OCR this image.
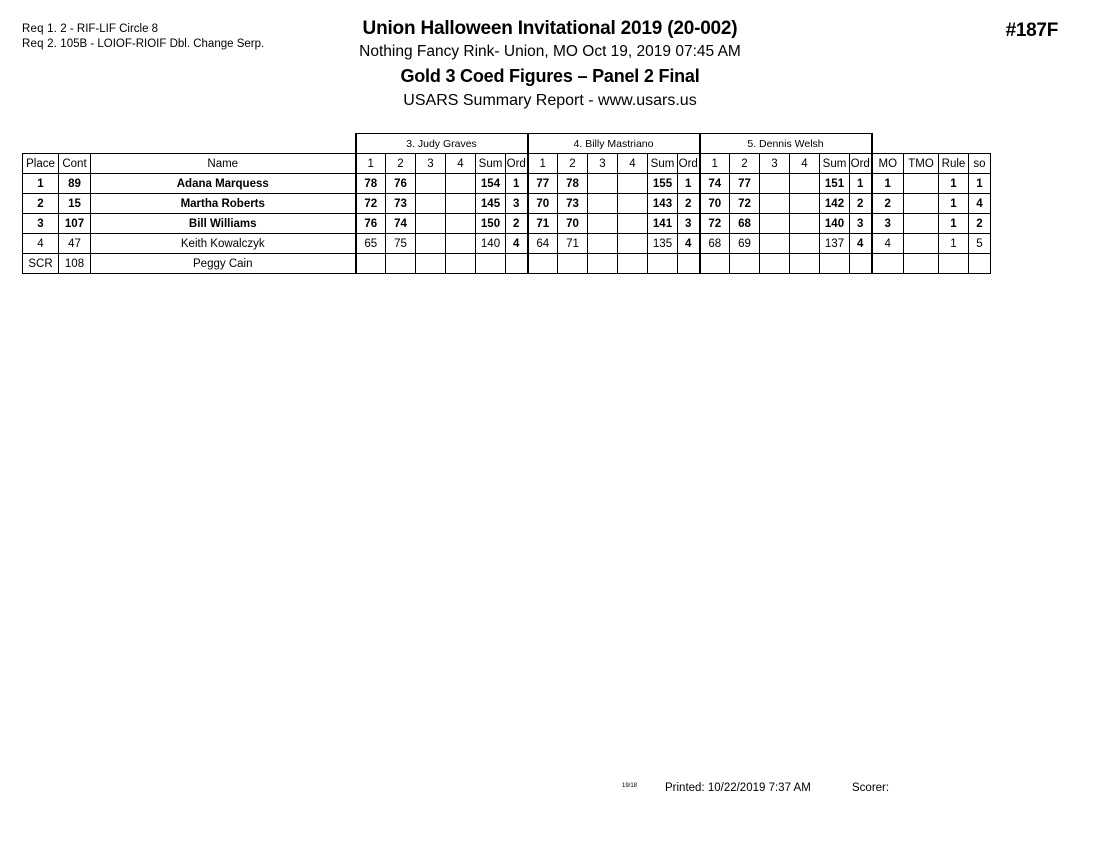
Req 1. 2 - RIF-LIF Circle 8
Req 2. 105B - LOIOF-RIOIF Dbl. Change Serp.
Union Halloween Invitational 2019 (20-002)
Nothing Fancy Rink- Union, MO Oct 19, 2019 07:45 AM
Gold 3 Coed Figures – Panel 2 Final
USARS Summary Report - www.usars.us
#187F
			3. Judy Graves						4. Billy Mastriano						5. Dennis Welsh									
Place	Cont	Name	1	2	3	4	Sum	Ord	1	2	3	4	Sum	Ord	1	2	3	4	Sum	Ord	MO	TMO	Rule	so
1	89	Adana Marquess	78	76			154	1	77	78			155	1	74	77			151	1	1		1	1
2	15	Martha Roberts	72	73			145	3	70	73			143	2	70	72			142	2	2		1	4
3	107	Bill Williams	76	74			150	2	71	70			141	3	72	68			140	3	3		1	2
4	47	Keith Kowalczyk	65	75			140	4	64	71			135	4	68	69			137	4	4		1	5
SCR	108	Peggy Cain																						
19/18 Printed: 10/22/2019 7:37 AM	Scorer:
